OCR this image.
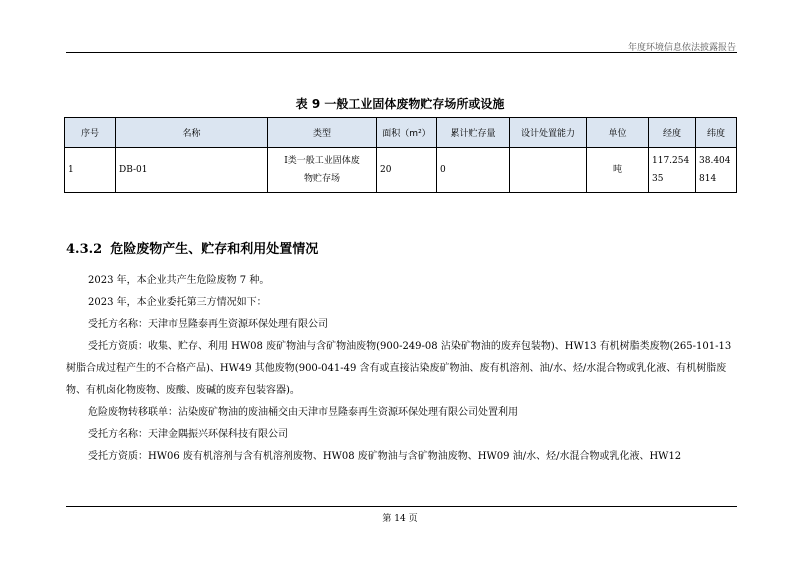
年度环境信息依法披露报告
表 9 一般工业固体废物贮存场所或设施
序号	名称	类型	面积（m²）	累计贮存量	设计处置能力	单位	经度	纬度
1	DB-01	Ⅰ类一般工业固体废物贮存场	20	0		吨	117.25435	38.404814
4.3.2 危险废物产生、贮存和利用处置情况

2023 年，本企业共产生危险废物 7 种。

2023 年，本企业委托第三方情况如下：

受托方名称：天津市昱隆泰再生资源环保处理有限公司

受托方资质：收集、贮存、利用 HW08 废矿物油与含矿物油废物(900-249-08 沾染矿物油的废弃包装物)、HW13 有机树脂类废物(265-101-13 树脂合成过程产生的不合格产品)、HW49 其他废物(900-041-49 含有或直接沾染废矿物油、废有机溶剂、油/水、烃/水混合物或乳化液、有机树脂废物、有机卤化物废物、废酸、废碱的废弃包装容器)。

危险废物转移联单：沾染废矿物油的废油桶交由天津市昱隆泰再生资源环保处理有限公司处置利用

受托方名称：天津金隅振兴环保科技有限公司

受托方资质：HW06 废有机溶剂与含有机溶剂废物、HW08 废矿物油与含矿物油废物、HW09 油/水、烃/水混合物或乳化液、HW12

第 14 页
